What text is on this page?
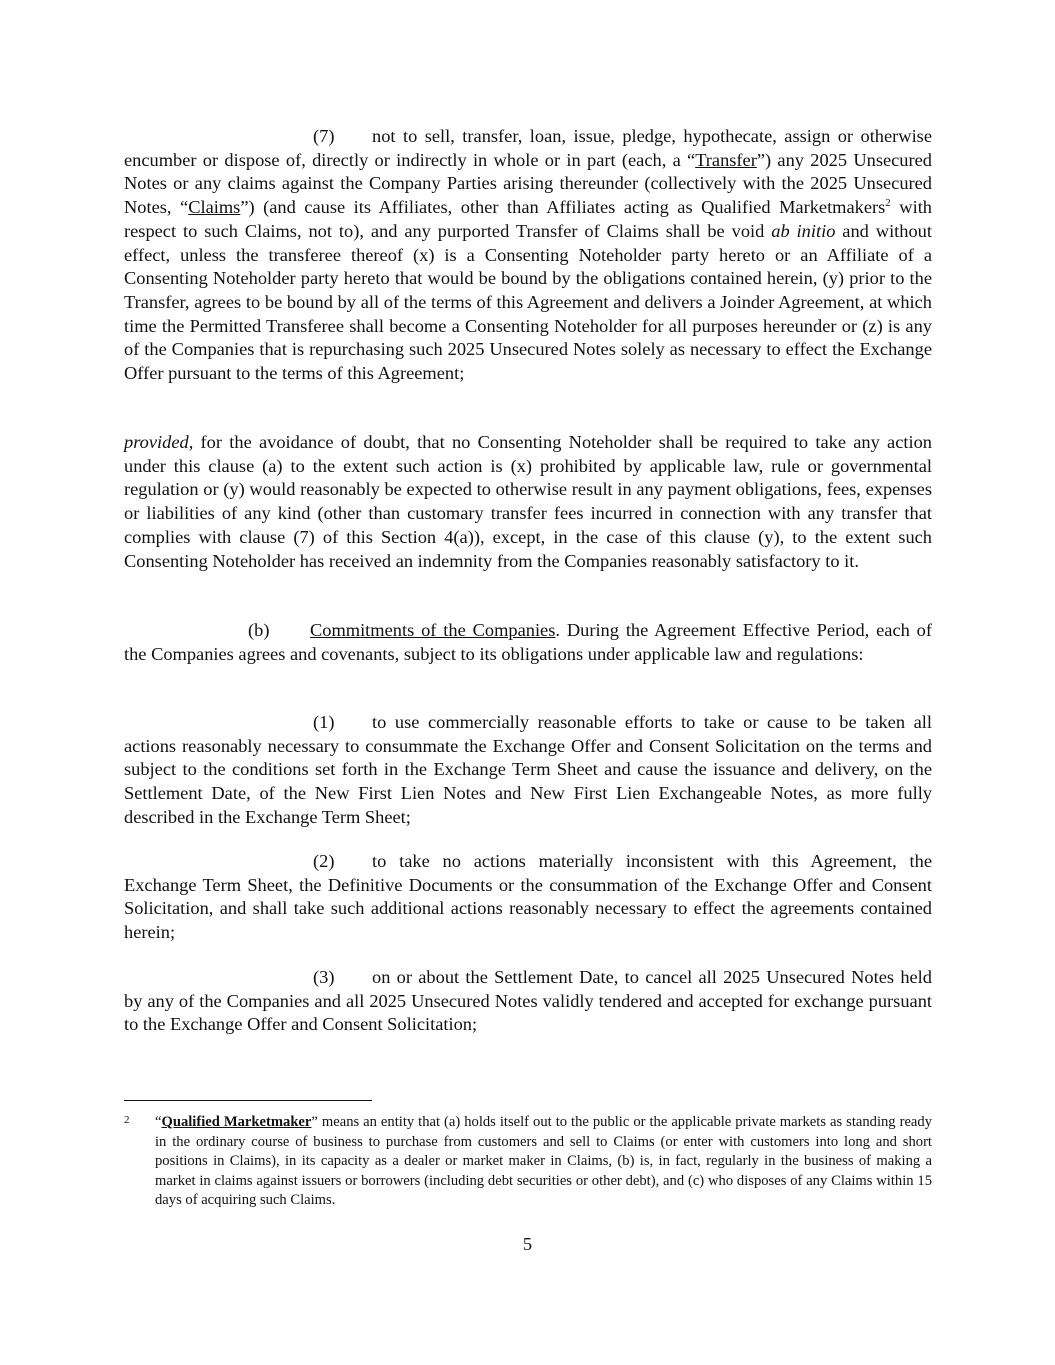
(7) not to sell, transfer, loan, issue, pledge, hypothecate, assign or otherwise encumber or dispose of, directly or indirectly in whole or in part (each, a “Transfer”) any 2025 Unsecured Notes or any claims against the Company Parties arising thereunder (collectively with the 2025 Unsecured Notes, “Claims”) (and cause its Affiliates, other than Affiliates acting as Qualified Marketmakers$^2$ with respect to such Claims, not to), and any purported Transfer of Claims shall be void ab initio and without effect, unless the transferee thereof (x) is a Consenting Noteholder party hereto or an Affiliate of a Consenting Noteholder party hereto that would be bound by the obligations contained herein, (y) prior to the Transfer, agrees to be bound by all of the terms of this Agreement and delivers a Joinder Agreement, at which time the Permitted Transferee shall become a Consenting Noteholder for all purposes hereunder or (z) is any of the Companies that is repurchasing such 2025 Unsecured Notes solely as necessary to effect the Exchange Offer pursuant to the terms of this Agreement;

provided, for the avoidance of doubt, that no Consenting Noteholder shall be required to take any action under this clause (a) to the extent such action is (x) prohibited by applicable law, rule or governmental regulation or (y) would reasonably be expected to otherwise result in any payment obligations, fees, expenses or liabilities of any kind (other than customary transfer fees incurred in connection with any transfer that complies with clause (7) of this Section 4(a)), except, in the case of this clause (y), to the extent such Consenting Noteholder has received an indemnity from the Companies reasonably satisfactory to it.

(b) Commitments of the Companies. During the Agreement Effective Period, each of the Companies agrees and covenants, subject to its obligations under applicable law and regulations:

(1) to use commercially reasonable efforts to take or cause to be taken all actions reasonably necessary to consummate the Exchange Offer and Consent Solicitation on the terms and subject to the conditions set forth in the Exchange Term Sheet and cause the issuance and delivery, on the Settlement Date, of the New First Lien Notes and New First Lien Exchangeable Notes, as more fully described in the Exchange Term Sheet;

(2) to take no actions materially inconsistent with this Agreement, the Exchange Term Sheet, the Definitive Documents or the consummation of the Exchange Offer and Consent Solicitation, and shall take such additional actions reasonably necessary to effect the agreements contained herein;

(3) on or about the Settlement Date, to cancel all 2025 Unsecured Notes held by any of the Companies and all 2025 Unsecured Notes validly tendered and accepted for exchange pursuant to the Exchange Offer and Consent Solicitation;

2 “Qualified Marketmaker” means an entity that (a) holds itself out to the public or the applicable private markets as standing ready in the ordinary course of business to purchase from customers and sell to Claims (or enter with customers into long and short positions in Claims), in its capacity as a dealer or market maker in Claims, (b) is, in fact, regularly in the business of making a market in claims against issuers or borrowers (including debt securities or other debt), and (c) who disposes of any Claims within 15 days of acquiring such Claims.
5
